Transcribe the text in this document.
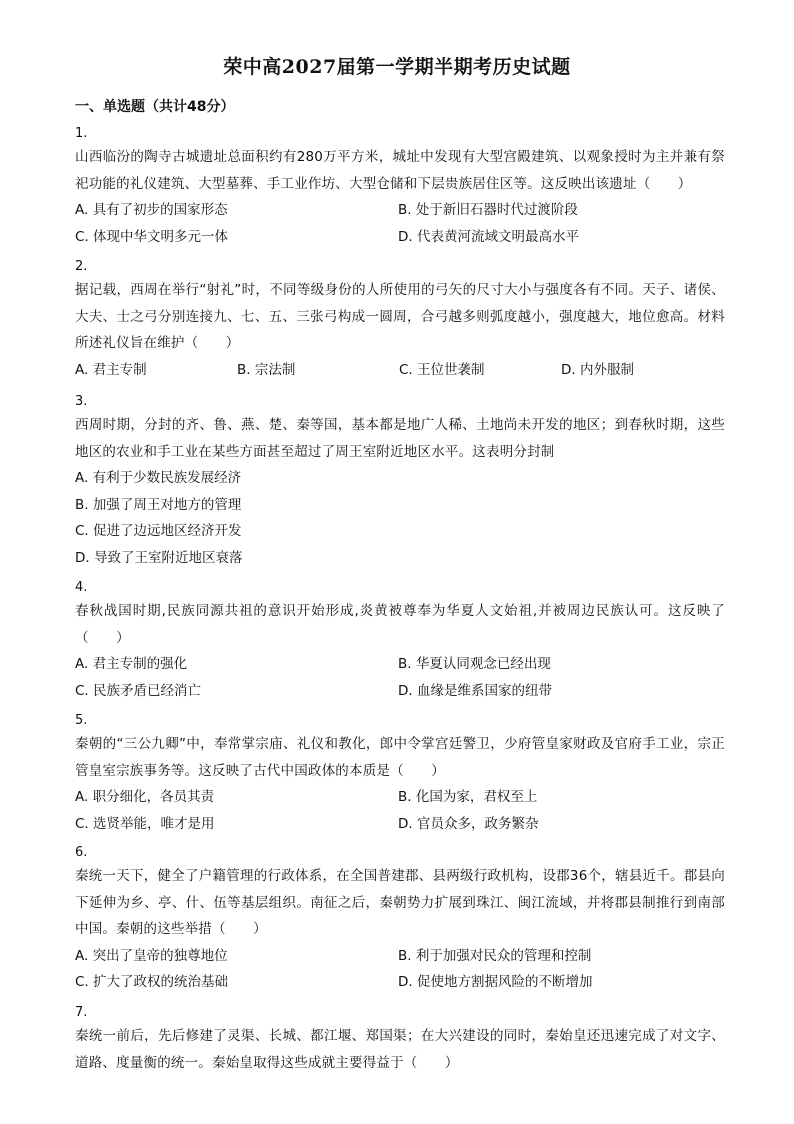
荣中高2027届第一学期半期考历史试题
一、单选题（共计48分）
1.
山西临汾的陶寺古城遗址总面积约有280万平方米，城址中发现有大型宫殿建筑、以观象授时为主并兼有祭祀功能的礼仪建筑、大型墓葬、手工业作坊、大型仓储和下层贵族居住区等。这反映出该遗址（　　）
A. 具有了初步的国家形态	B. 处于新旧石器时代过渡阶段
C. 体现中华文明多元一体	D. 代表黄河流域文明最高水平
2.
据记载，西周在举行“射礼”时，不同等级身份的人所使用的弓矢的尺寸大小与强度各有不同。天子、诸侯、大夫、士之弓分别连接九、七、五、三张弓构成一圆周，合弓越多则弧度越小，强度越大，地位愈高。材料所述礼仪旨在维护（　　）
A. 君主专制	B. 宗法制	C. 王位世袭制	D. 内外服制
3.
西周时期，分封的齐、鲁、燕、楚、秦等国，基本都是地广人稀、土地尚未开发的地区；到春秋时期，这些地区的农业和手工业在某些方面甚至超过了周王室附近地区水平。这表明分封制
A. 有利于少数民族发展经济
B. 加强了周王对地方的管理
C. 促进了边远地区经济开发
D. 导致了王室附近地区衰落
4.
春秋战国时期,民族同源共祖的意识开始形成,炎黄被尊奉为华夏人文始祖,并被周边民族认可。这反映了（　　）
A. 君主专制的强化	B. 华夏认同观念已经出现
C. 民族矛盾已经消亡	D. 血缘是维系国家的纽带
5.
秦朝的“三公九卿”中，奉常掌宗庙、礼仪和教化，郎中令掌宫廷警卫，少府管皇家财政及官府手工业，宗正管皇室宗族事务等。这反映了古代中国政体的本质是（　　）
A. 职分细化，各员其责	B. 化国为家，君权至上
C. 选贤举能，唯才是用	D. 官员众多，政务繁杂
6.
秦统一天下，健全了户籍管理的行政体系，在全国普建郡、县两级行政机构，设郡36个，辖县近千。郡县向下延伸为乡、亭、什、伍等基层组织。南征之后，秦朝势力扩展到珠江、闽江流域，并将郡县制推行到南部中国。秦朝的这些举措（　　）
A. 突出了皇帝的独尊地位	B. 利于加强对民众的管理和控制
C. 扩大了政权的统治基础	D. 促使地方割据风险的不断增加
7.
秦统一前后，先后修建了灵渠、长城、都江堰、郑国渠；在大兴建设的同时，秦始皇还迅速完成了对文字、道路、度量衡的统一。秦始皇取得这些成就主要得益于（　　）
